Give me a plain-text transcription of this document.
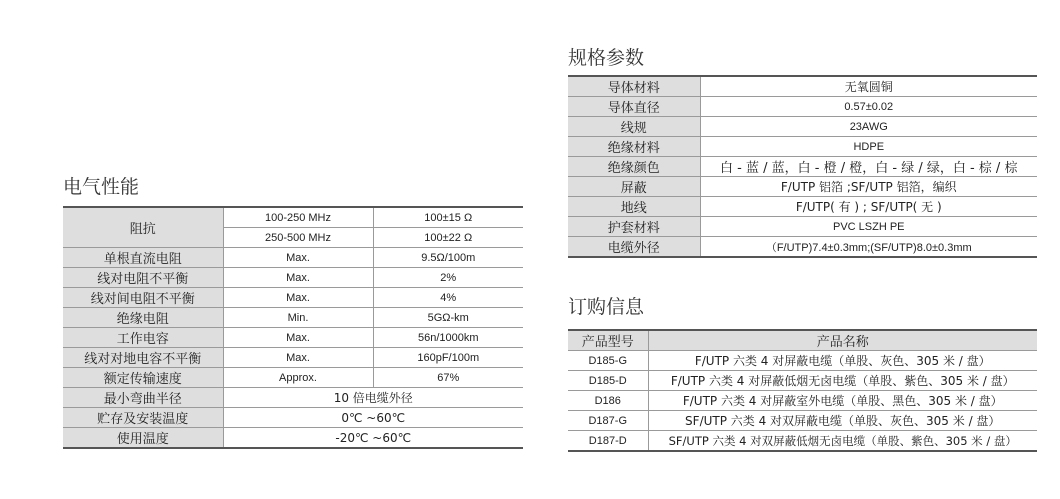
电气性能
阻抗	100-250 MHz	100±15 Ω
	250-500 MHz	100±22 Ω
单根直流电阻	Max.	9.5Ω/100m
线对电阻不平衡	Max.	2%
线对间电阻不平衡	Max.	4%
绝缘电阻	Min.	5GΩ-km
工作电容	Max.	56n/1000km
线对对地电容不平衡	Max.	160pF/100m
额定传输速度	Approx.	67%
最小弯曲半径	10 倍电缆外径	
贮存及安装温度	0℃ ~60℃	
使用温度	-20℃ ~60℃	
规格参数
导体材料	无氧圆铜
导体直径	0.57±0.02
线规	23AWG
绝缘材料	HDPE
绝缘颜色	白 - 蓝 / 蓝，白 - 橙 / 橙，白 - 绿 / 绿，白 - 棕 / 棕
屏蔽	F/UTP 铝箔 ;SF/UTP 铝箔，编织
地线	F/UTP( 有 ) ; SF/UTP( 无 )
护套材料	PVC LSZH PE
电缆外径	（F/UTP)7.4±0.3mm;(SF/UTP)8.0±0.3mm
订购信息
产品型号	产品名称
D185-G	F/UTP 六类 4 对屏蔽电缆（单股、灰色、305 米 / 盘）
D185-D	F/UTP 六类 4 对屏蔽低烟无卤电缆（单股、紫色、305 米 / 盘）
D186	F/UTP 六类 4 对屏蔽室外电缆（单股、黑色、305 米 / 盘）
D187-G	SF/UTP 六类 4 对双屏蔽电缆（单股、灰色、305 米 / 盘）
D187-D	SF/UTP 六类 4 对双屏蔽低烟无卤电缆（单股、紫色、305 米 / 盘）
